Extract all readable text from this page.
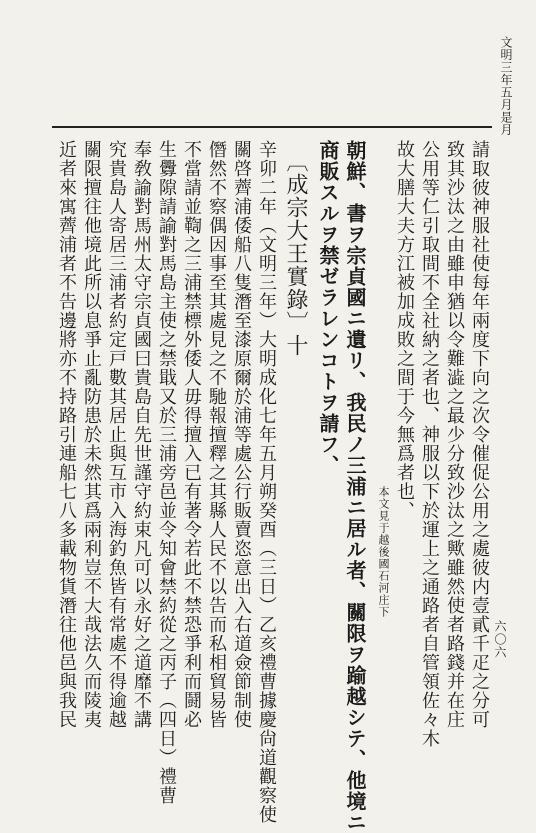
文明三年五月是月
六〇六
請取彼神服社使每年兩度下向之次令催促公用之處彼内壹貳千疋之分可
致其沙汰之由雖申猶以令難澁之最少分致沙汰之歟雖然使者路錢并在庄
公用等仁引取間不全社納之者也、神服以下於運上之通路者自管領佐々木
故大膳大夫方江被加成敗之間于今無爲者也、
本文見于越後國石河庄下
朝鮮、書ヲ宗貞國ニ遺リ、我民ノ三浦ニ居ル者、關限ヲ踰越シテ、他境ニ
商販スルヲ禁ゼラレンコトヲ請フ、
〔成宗大王實錄〕十
辛卯二年（文明三年）大明成化七年五月朔癸酉（三日）乙亥禮曹據慶尙道觀察使
關啓薺浦倭船八隻潛至漆原爾於浦等處公行販賣恣意出入右道僉節制使
僭然不察偶因事至其處見之不馳報擅釋之其縣人民不以告而私相貿易皆
不當請並鞫之三浦禁標外倭人毋得擅入已有著令若此不禁恐爭利而鬪必
生釁隙請諭對馬島主使之禁戢又於三浦旁邑並令知會禁約從之丙子（四日）禮曹
奉敎諭對馬州太守宗貞國曰貴島自先世謹守約束凡可以永好之道靡不講
究貴島人寄居三浦者約定戸數其居止與互市入海釣魚皆有常處不得逾越
關限擅往他境此所以息爭止亂防患於未然其爲兩利豈不大哉法久而陵夷
近者來寓薺浦者不告邊將亦不持路引連船七八多載物貨潛往他邑與我民
